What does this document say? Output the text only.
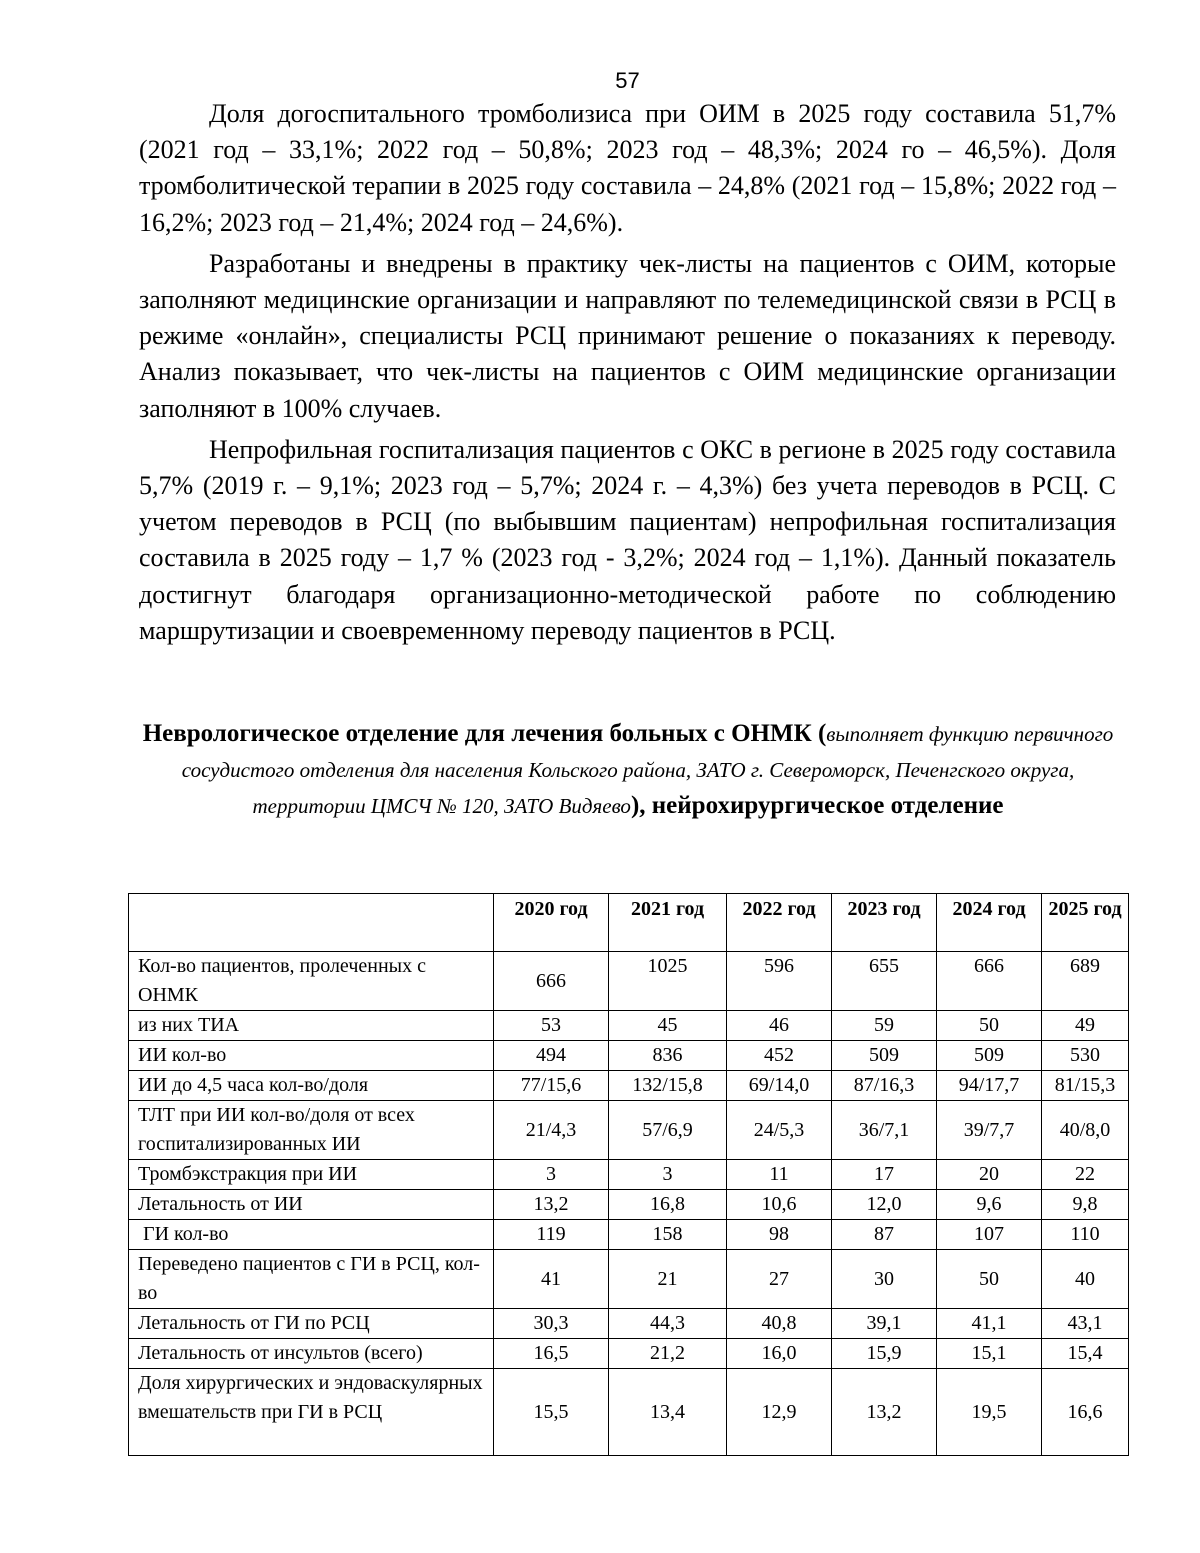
57

Доля догоспитального тромболизиса при ОИМ в 2025 году составила 51,7% (2021 год – 33,1%; 2022 год – 50,8%; 2023 год – 48,3%; 2024 го – 46,5%). Доля тромболитической терапии в 2025 году составила – 24,8% (2021 год – 15,8%; 2022 год – 16,2%; 2023 год – 21,4%; 2024 год – 24,6%).

Разработаны и внедрены в практику чек-листы на пациентов с ОИМ, которые заполняют медицинские организации и направляют по телемедицинской связи в РСЦ в режиме «онлайн», специалисты РСЦ принимают решение о показаниях к переводу. Анализ показывает, что чек-листы на пациентов с ОИМ медицинские организации заполняют в 100% случаев.

Непрофильная госпитализация пациентов с ОКС в регионе в 2025 году составила 5,7% (2019 г. – 9,1%; 2023 год – 5,7%; 2024 г. – 4,3%) без учета переводов в РСЦ. С учетом переводов в РСЦ (по выбывшим пациентам) непрофильная госпитализация составила в 2025 году – 1,7 % (2023 год - 3,2%; 2024 год – 1,1%). Данный показатель достигнут благодаря организационно-методической работе по соблюдению маршрутизации и своевременному переводу пациентов в РСЦ.

Неврологическое отделение для лечения больных с ОНМК (выполняет функцию первичного сосудистого отделения для населения Кольского района, ЗАТО г. Североморск, Печенгского округа, территории ЦМСЧ № 120, ЗАТО Видяево), нейрохирургическое отделение
	2020 год	2021 год	2022 год	2023 год	2024 год	2025 год
Кол-во пациентов, пролеченных с ОНМК	666	1025	596	655	666	689
из них ТИА	53	45	46	59	50	49
ИИ кол-во	494	836	452	509	509	530
ИИ до 4,5 часа кол-во/доля	77/15,6	132/15,8	69/14,0	87/16,3	94/17,7	81/15,3
ТЛТ при ИИ кол-во/доля от всех госпитализированных ИИ	21/4,3	57/6,9	24/5,3	36/7,1	39/7,7	40/8,0
Тромбэкстракция при ИИ	3	3	11	17	20	22
Летальность от ИИ	13,2	16,8	10,6	12,0	9,6	9,8
ГИ кол-во	119	158	98	87	107	110
Переведено пациентов с ГИ в РСЦ, кол-во	41	21	27	30	50	40
Летальность от ГИ по РСЦ	30,3	44,3	40,8	39,1	41,1	43,1
Летальность от инсультов (всего)	16,5	21,2	16,0	15,9	15,1	15,4
Доля хирургических и эндоваскулярных вмешательств при ГИ в РСЦ	15,5	13,4	12,9	13,2	19,5	16,6
